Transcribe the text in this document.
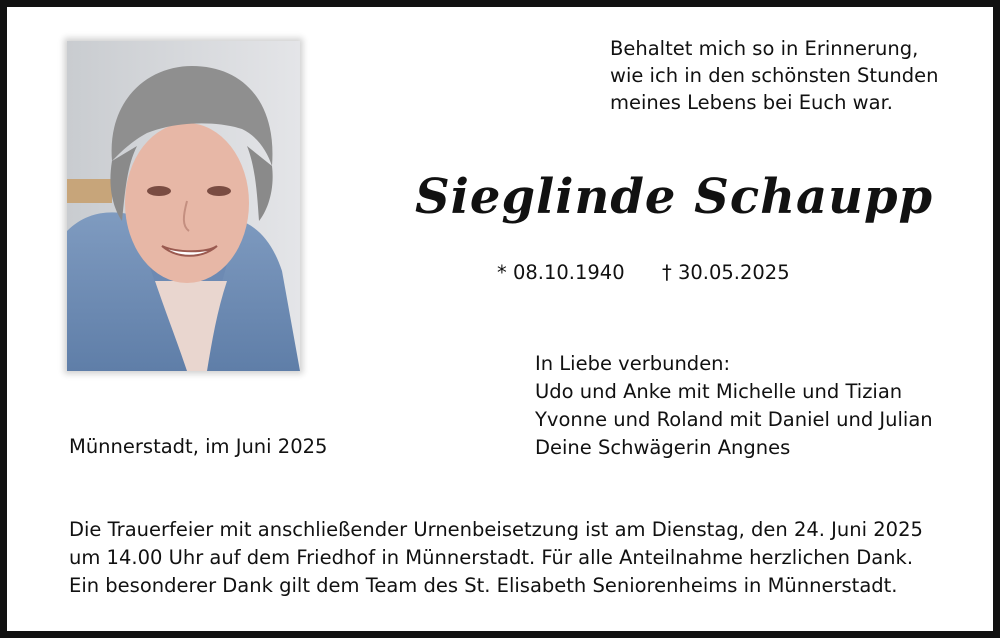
Behaltet mich so in Erinnerung,
wie ich in den schönsten Stunden
meines Lebens bei Euch war.
Sieglinde Schaupp
* 08.10.1940 † 30.05.2025
In Liebe verbunden:
Udo und Anke mit Michelle und Tizian
Yvonne und Roland mit Daniel und Julian
Deine Schwägerin Angnes
Münnerstadt, im Juni 2025
Die Trauerfeier mit anschließender Urnenbeisetzung ist am Dienstag, den 24. Juni 2025
um 14.00 Uhr auf dem Friedhof in Münnerstadt. Für alle Anteilnahme herzlichen Dank.
Ein besonderer Dank gilt dem Team des St. Elisabeth Seniorenheims in Münnerstadt.
